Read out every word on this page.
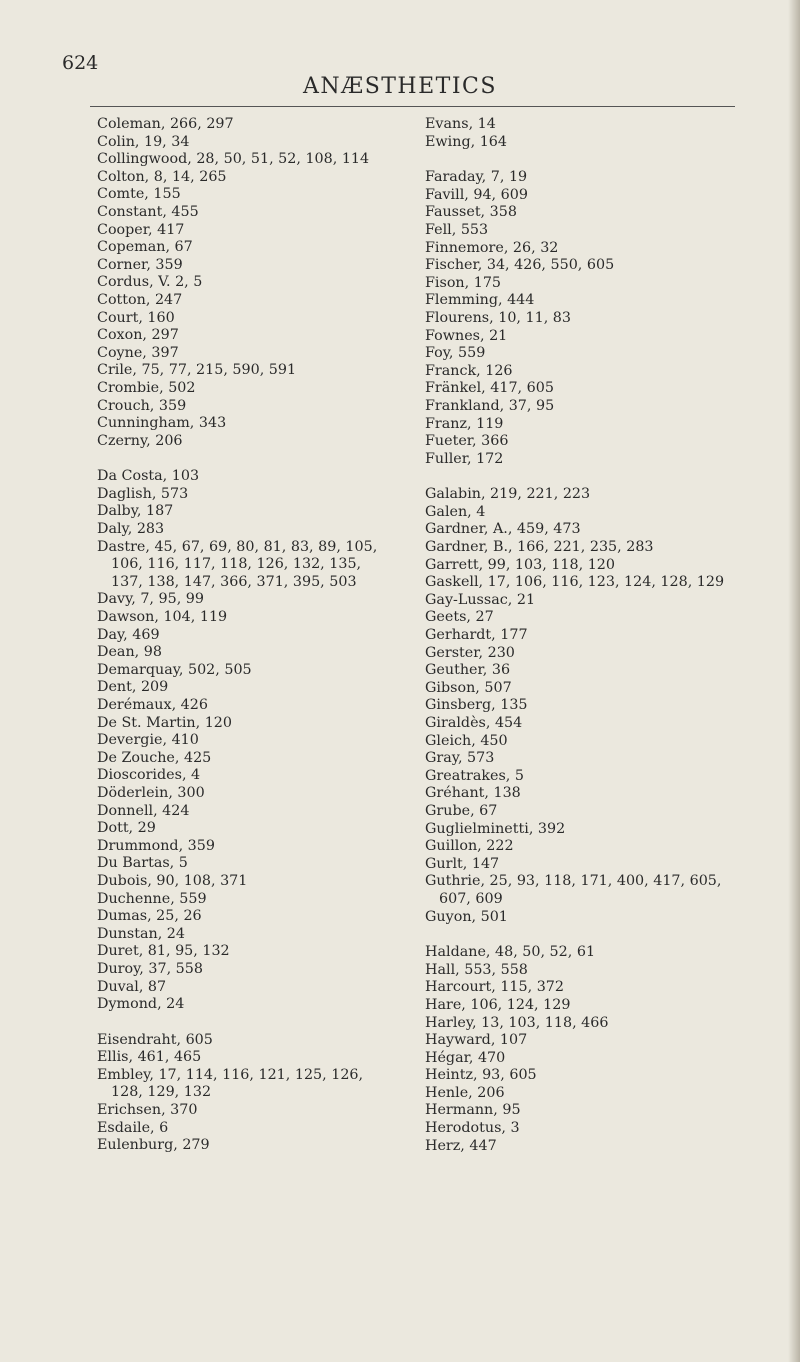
624
ANÆSTHETICS
Coleman, 266, 297
Colin, 19, 34
Collingwood, 28, 50, 51, 52, 108, 114
Colton, 8, 14, 265
Comte, 155
Constant, 455
Cooper, 417
Copeman, 67
Corner, 359
Cordus, V. 2, 5
Cotton, 247
Court, 160
Coxon, 297
Coyne, 397
Crile, 75, 77, 215, 590, 591
Crombie, 502
Crouch, 359
Cunningham, 343
Czerny, 206
Da Costa, 103
Daglish, 573
Dalby, 187
Daly, 283
Dastre, 45, 67, 69, 80, 81, 83, 89, 105, 106, 116, 117, 118, 126, 132, 135, 137, 138, 147, 366, 371, 395, 503
Davy, 7, 95, 99
Dawson, 104, 119
Day, 469
Dean, 98
Demarquay, 502, 505
Dent, 209
Derémaux, 426
De St. Martin, 120
Devergie, 410
De Zouche, 425
Dioscorides, 4
Döderlein, 300
Donnell, 424
Dott, 29
Drummond, 359
Du Bartas, 5
Dubois, 90, 108, 371
Duchenne, 559
Dumas, 25, 26
Dunstan, 24
Duret, 81, 95, 132
Duroy, 37, 558
Duval, 87
Dymond, 24
Eisendraht, 605
Ellis, 461, 465
Embley, 17, 114, 116, 121, 125, 126, 128, 129, 132
Erichsen, 370
Esdaile, 6
Eulenburg, 279
Evans, 14
Ewing, 164
Faraday, 7, 19
Favill, 94, 609
Fausset, 358
Fell, 553
Finnemore, 26, 32
Fischer, 34, 426, 550, 605
Fison, 175
Flemming, 444
Flourens, 10, 11, 83
Fownes, 21
Foy, 559
Franck, 126
Fränkel, 417, 605
Frankland, 37, 95
Franz, 119
Fueter, 366
Fuller, 172
Galabin, 219, 221, 223
Galen, 4
Gardner, A., 459, 473
Gardner, B., 166, 221, 235, 283
Garrett, 99, 103, 118, 120
Gaskell, 17, 106, 116, 123, 124, 128, 129
Gay-Lussac, 21
Geets, 27
Gerhardt, 177
Gerster, 230
Geuther, 36
Gibson, 507
Ginsberg, 135
Giraldès, 454
Gleich, 450
Gray, 573
Greatrakes, 5
Gréhant, 138
Grube, 67
Guglielminetti, 392
Guillon, 222
Gurlt, 147
Guthrie, 25, 93, 118, 171, 400, 417, 605, 607, 609
Guyon, 501
Haldane, 48, 50, 52, 61
Hall, 553, 558
Harcourt, 115, 372
Hare, 106, 124, 129
Harley, 13, 103, 118, 466
Hayward, 107
Hégar, 470
Heintz, 93, 605
Henle, 206
Hermann, 95
Herodotus, 3
Herz, 447
